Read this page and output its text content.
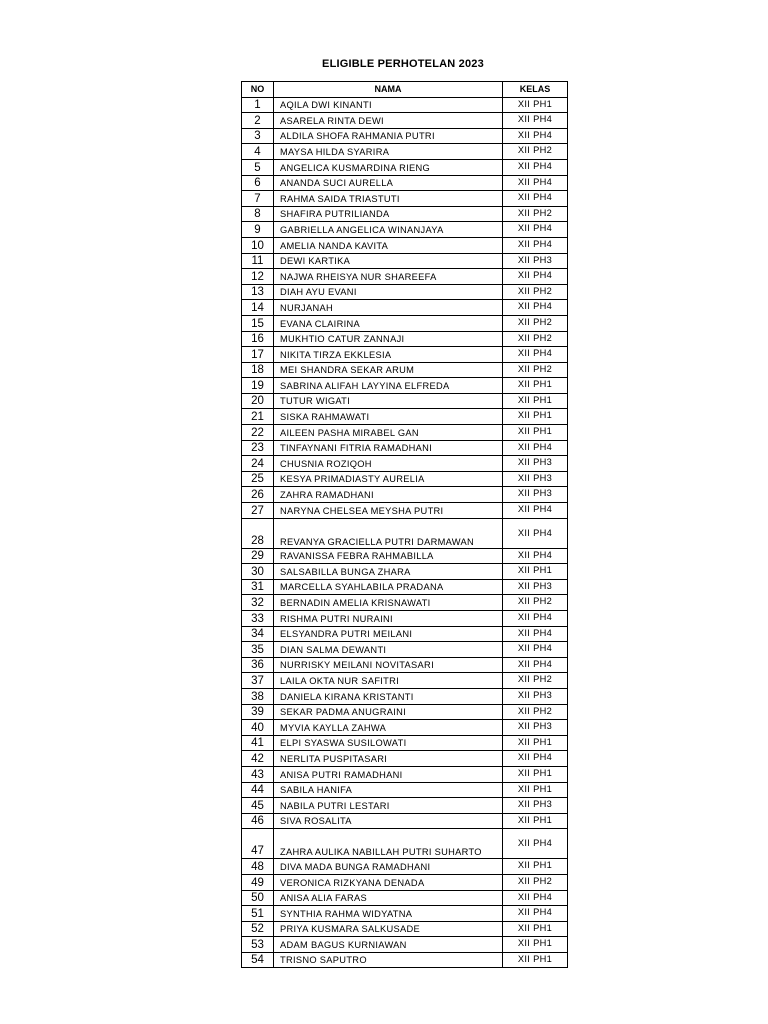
ELIGIBLE PERHOTELAN 2023
NO	NAMA	KELAS
1	AQILA DWI KINANTI	XII PH1
2	ASARELA RINTA DEWI	XII PH4
3	ALDILA SHOFA RAHMANIA PUTRI	XII PH4
4	MAYSA HILDA SYARIRA	XII PH2
5	ANGELICA KUSMARDINA RIENG	XII PH4
6	ANANDA SUCI AURELLA	XII PH4
7	RAHMA SAIDA TRIASTUTI	XII PH4
8	SHAFIRA PUTRILIANDA	XII PH2
9	GABRIELLA ANGELICA WINANJAYA	XII PH4
10	AMELIA NANDA KAVITA	XII PH4
11	DEWI KARTIKA	XII PH3
12	NAJWA RHEISYA NUR SHAREEFA	XII PH4
13	DIAH AYU EVANI	XII PH2
14	NURJANAH	XII PH4
15	EVANA CLAIRINA	XII PH2
16	MUKHTIO CATUR ZANNAJI	XII PH2
17	NIKITA TIRZA EKKLESIA	XII PH4
18	MEI SHANDRA SEKAR ARUM	XII PH2
19	SABRINA ALIFAH LAYYINA ELFREDA	XII PH1
20	TUTUR WIGATI	XII PH1
21	SISKA RAHMAWATI	XII PH1
22	AILEEN PASHA MIRABEL GAN	XII PH1
23	TINFAYNANI FITRIA RAMADHANI	XII PH4
24	CHUSNIA ROZIQOH	XII PH3
25	KESYA PRIMADIASTY AURELIA	XII PH3
26	ZAHRA RAMADHANI	XII PH3
27	NARYNA CHELSEA MEYSHA PUTRI	XII PH4
28	REVANYA GRACIELLA PUTRI DARMAWAN	XII PH4
29	RAVANISSA FEBRA RAHMABILLA	XII PH4
30	SALSABILLA BUNGA ZHARA	XII PH1
31	MARCELLA SYAHLABILA PRADANA	XII PH3
32	BERNADIN AMELIA KRISNAWATI	XII PH2
33	RISHMA PUTRI NURAINI	XII PH4
34	ELSYANDRA PUTRI MEILANI	XII PH4
35	DIAN SALMA DEWANTI	XII PH4
36	NURRISKY MEILANI NOVITASARI	XII PH4
37	LAILA OKTA NUR SAFITRI	XII PH2
38	DANIELA KIRANA KRISTANTI	XII PH3
39	SEKAR PADMA ANUGRAINI	XII PH2
40	MYVIA KAYLLA ZAHWA	XII PH3
41	ELPI SYASWA SUSILOWATI	XII PH1
42	NERLITA PUSPITASARI	XII PH4
43	ANISA PUTRI RAMADHANI	XII PH1
44	SABILA HANIFA	XII PH1
45	NABILA PUTRI LESTARI	XII PH3
46	SIVA ROSALITA	XII PH1
47	ZAHRA AULIKA NABILLAH PUTRI SUHARTO	XII PH4
48	DIVA MADA BUNGA RAMADHANI	XII PH1
49	VERONICA RIZKYANA DENADA	XII PH2
50	ANISA ALIA FARAS	XII PH4
51	SYNTHIA RAHMA WIDYATNA	XII PH4
52	PRIYA KUSMARA SALKUSADE	XII PH1
53	ADAM BAGUS KURNIAWAN	XII PH1
54	TRISNO SAPUTRO	XII PH1
